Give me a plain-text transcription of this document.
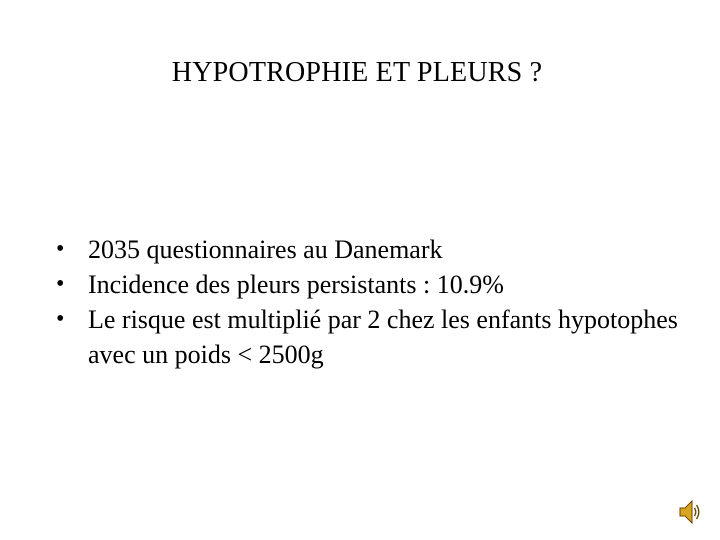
HYPOTROPHIE ET PLEURS ?
• 2035 questionnaires au Danemark
• Incidence des pleurs persistants : 10.9%
• Le risque est multiplié par 2 chez les enfants hypotophes avec un poids < 2500g
